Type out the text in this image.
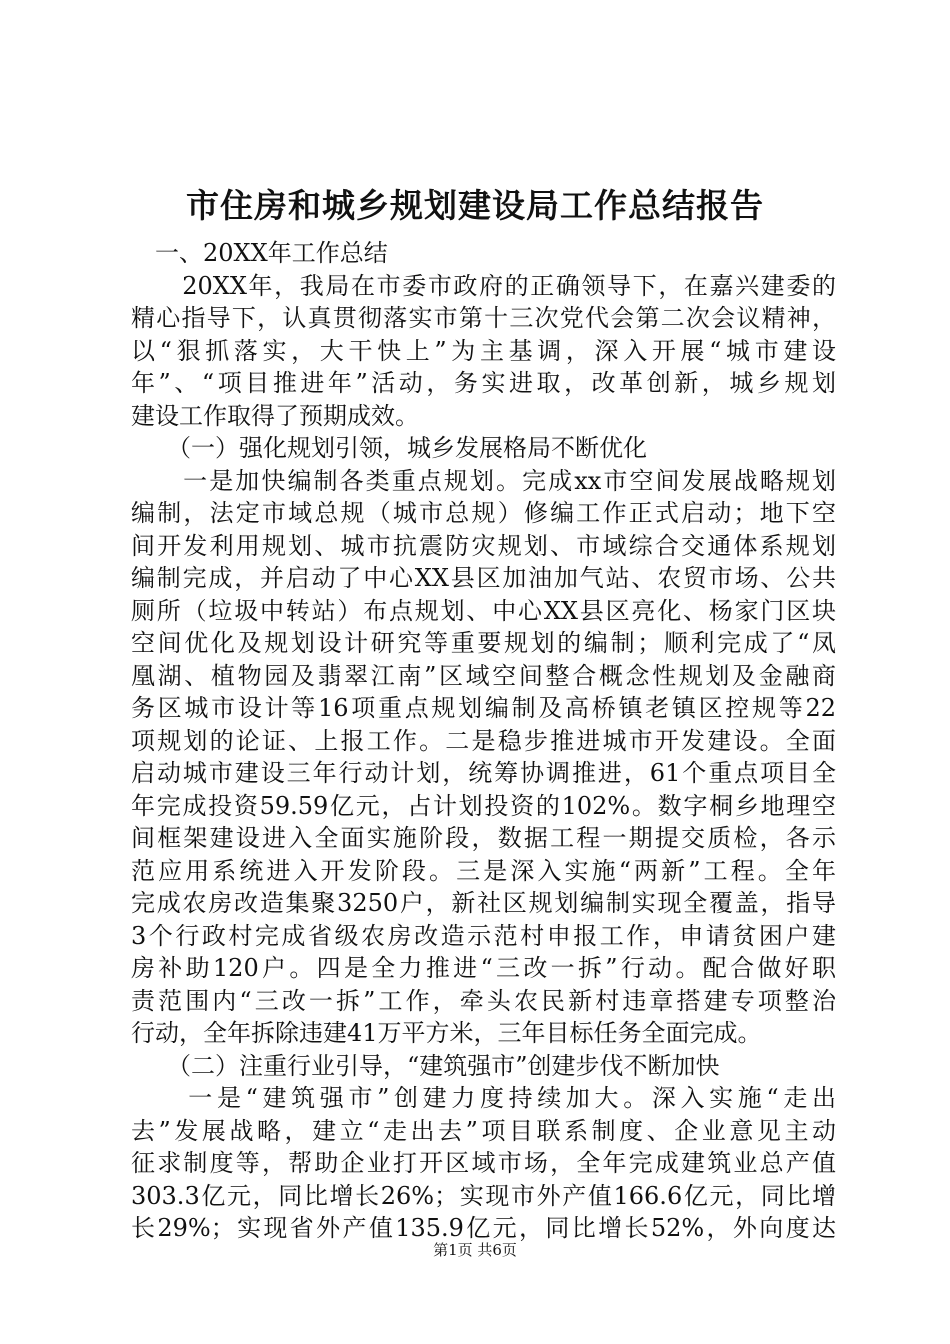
市住房和城乡规划建设局工作总结报告
　一、20XX年工作总结
　　20XX年，我局在市委市政府的正确领导下，在嘉兴建委的
精心指导下，认真贯彻落实市第十三次党代会第二次会议精神，
以“狠抓落实，大干快上”为主基调，深入开展“城市建设
年”、“项目推进年”活动，务实进取，改革创新，城乡规划
建设工作取得了预期成效。
　　（一）强化规划引领，城乡发展格局不断优化
　　一是加快编制各类重点规划。完成xx市空间发展战略规划
编制，法定市域总规（城市总规）修编工作正式启动；地下空
间开发利用规划、城市抗震防灾规划、市域综合交通体系规划
编制完成，并启动了中心XX县区加油加气站、农贸市场、公共
厕所（垃圾中转站）布点规划、中心XX县区亮化、杨家门区块
空间优化及规划设计研究等重要规划的编制；顺利完成了“凤
凰湖、植物园及翡翠江南”区域空间整合概念性规划及金融商
务区城市设计等16项重点规划编制及高桥镇老镇区控规等22
项规划的论证、上报工作。二是稳步推进城市开发建设。全面
启动城市建设三年行动计划，统筹协调推进，61个重点项目全
年完成投资59.59亿元，占计划投资的102%。数字桐乡地理空
间框架建设进入全面实施阶段，数据工程一期提交质检，各示
范应用系统进入开发阶段。三是深入实施“两新”工程。全年
完成农房改造集聚3250户，新社区规划编制实现全覆盖，指导
3个行政村完成省级农房改造示范村申报工作，申请贫困户建
房补助120户。四是全力推进“三改一拆”行动。配合做好职
责范围内“三改一拆”工作，牵头农民新村违章搭建专项整治
行动，全年拆除违建41万平方米，三年目标任务全面完成。
　　（二）注重行业引导，“建筑强市”创建步伐不断加快
　　一是“建筑强市”创建力度持续加大。深入实施“走出
去”发展战略，建立“走出去”项目联系制度、企业意见主动
征求制度等，帮助企业打开区域市场，全年完成建筑业总产值
303.3亿元，同比增长26%；实现市外产值166.6亿元，同比增
长29%；实现省外产值135.9亿元，同比增长52%，外向度达
第1页 共6页
